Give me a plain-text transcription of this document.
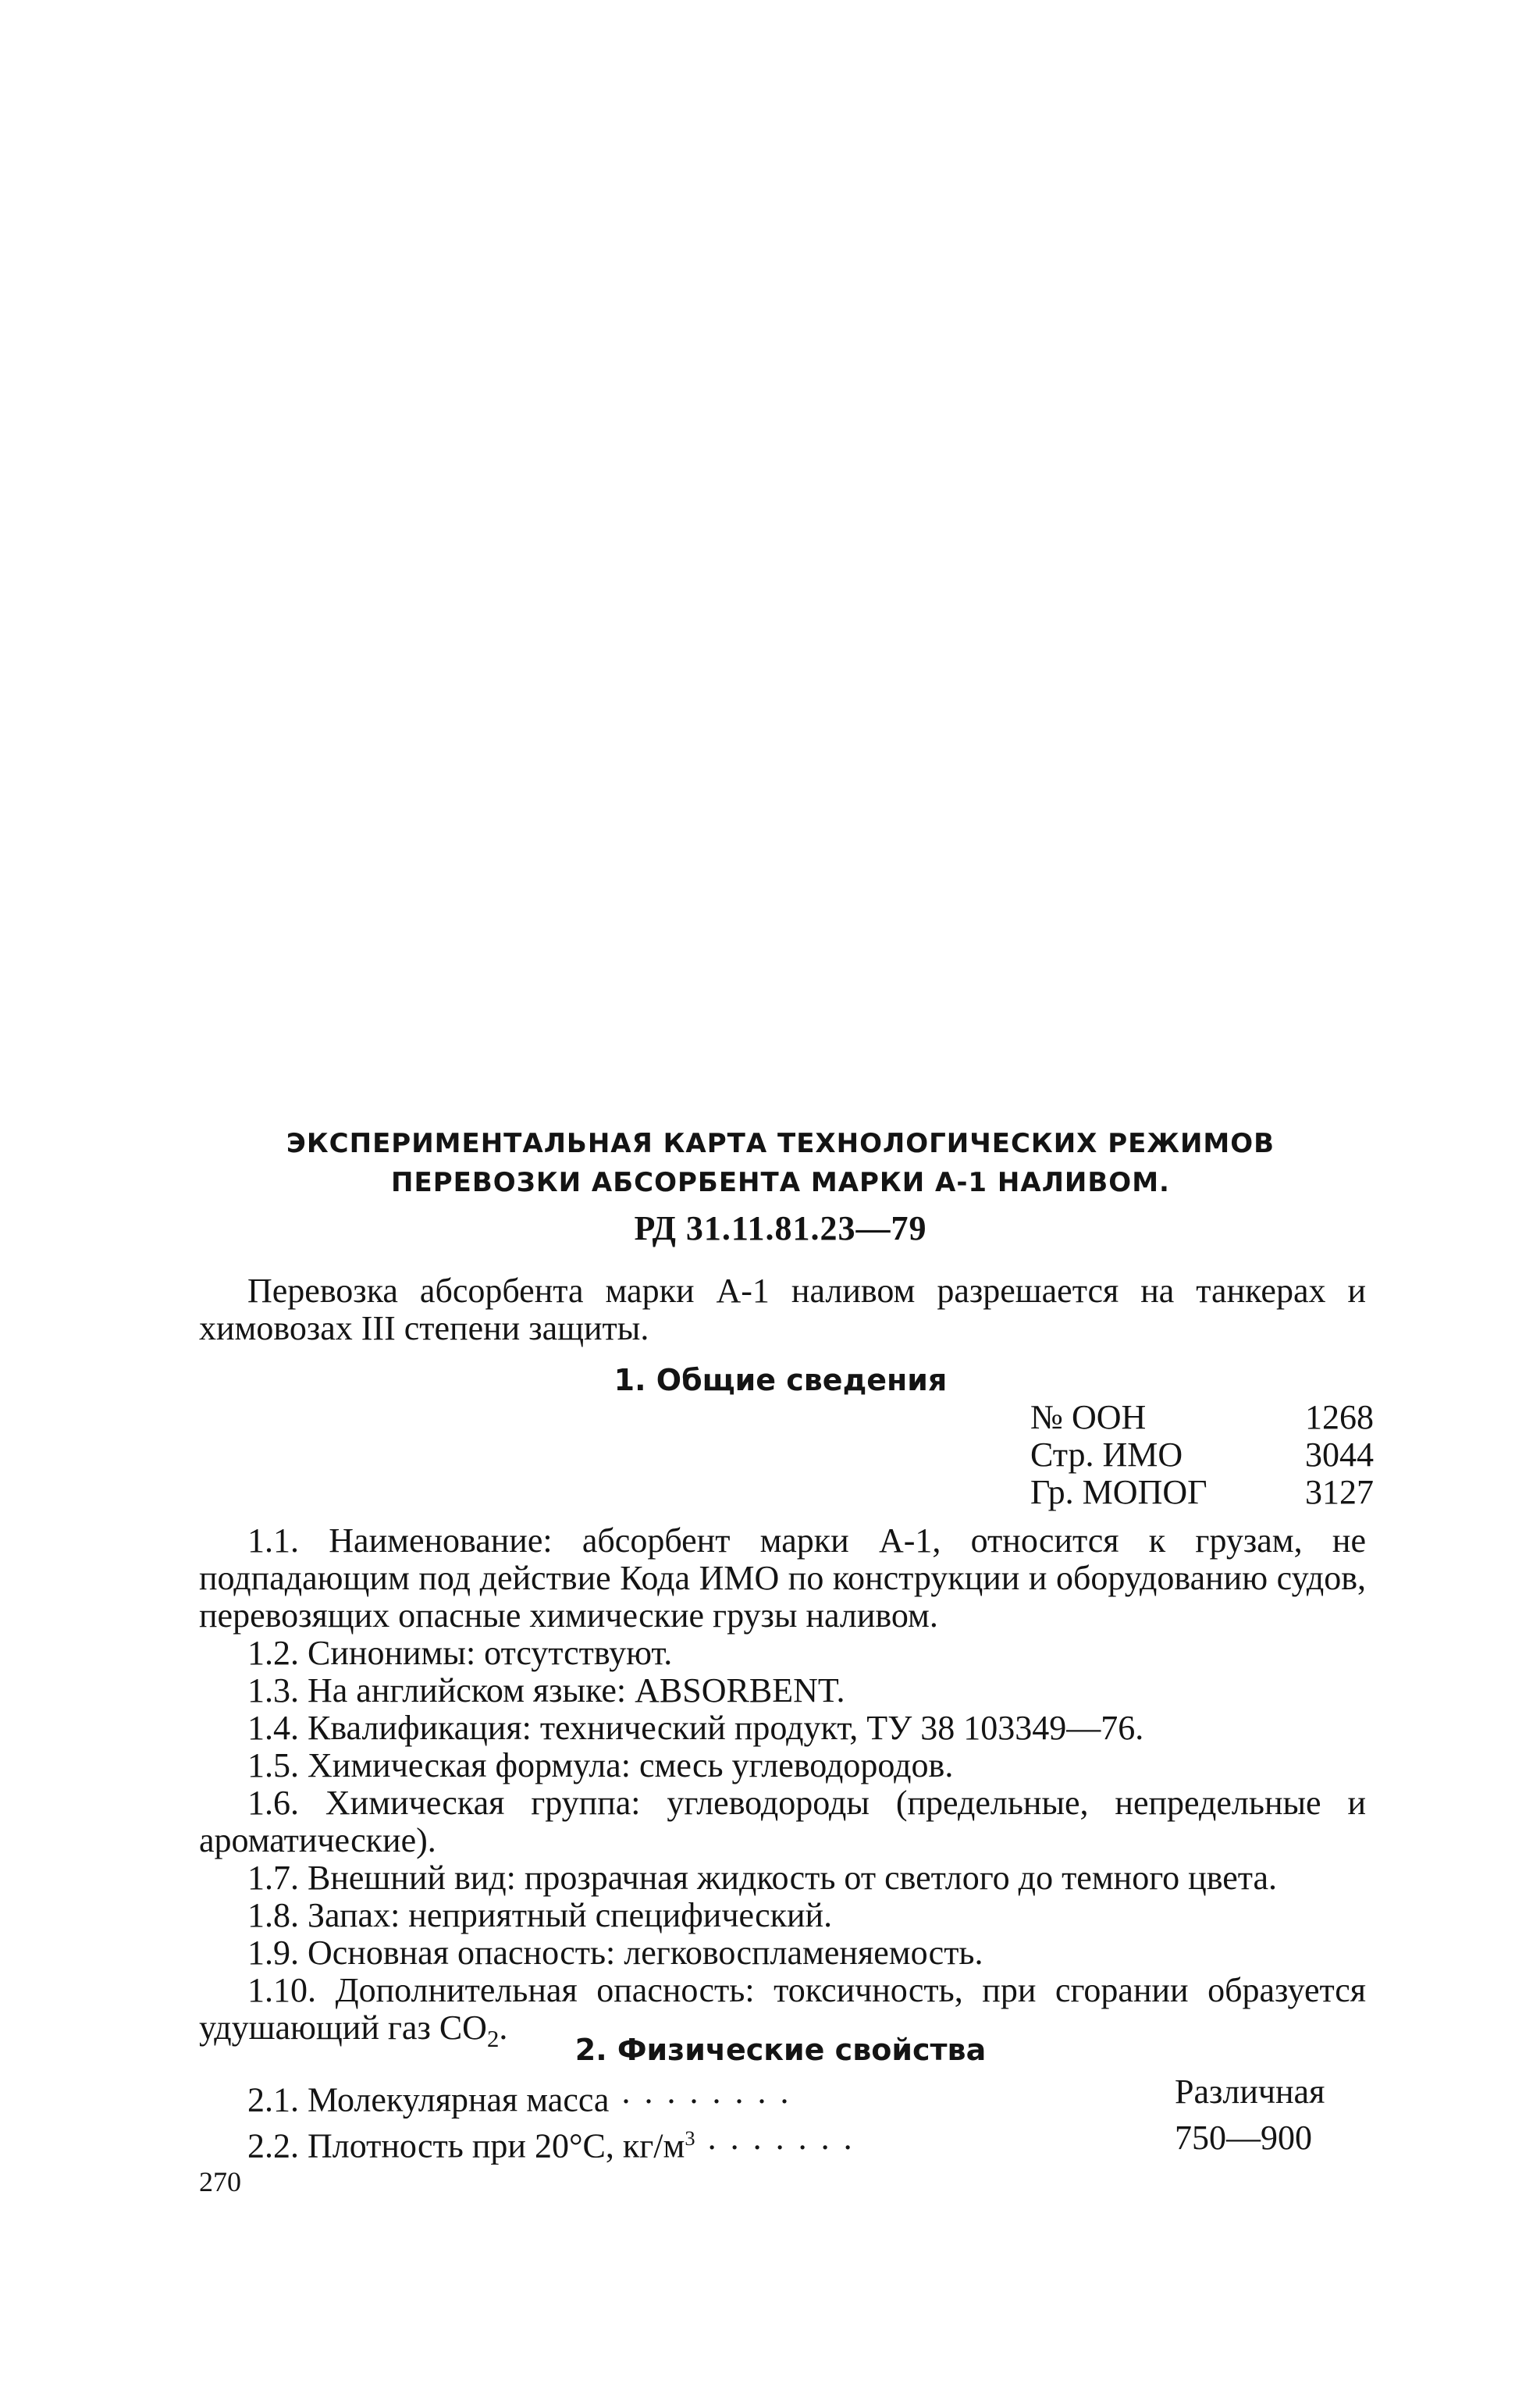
ЭКСПЕРИМЕНТАЛЬНАЯ КАРТА ТЕХНОЛОГИЧЕСКИХ РЕЖИМОВ
ПЕРЕВОЗКИ АБСОРБЕНТА МАРКИ А-1 НАЛИВОМ.
РД 31.11.81.23—79
Перевозка абсорбента марки А-1 наливом разрешается на танкерах и химовозах III степени защиты.
1. Общие сведения
№ ООН	1268
Стр. ИМО	3044
Гр. МОПОГ	3127

1.1. Наименование: абсорбент марки А-1, относится к грузам, не подпадающим под действие Кода ИМО по конструкции и оборудованию судов, перевозящих опасные химические грузы наливом.

1.2. Синонимы: отсутствуют.

1.3. На английском языке: ABSORBENT.

1.4. Квалификация: технический продукт, ТУ 38 103349—76.

1.5. Химическая формула: смесь углеводородов.

1.6. Химическая группа: углеводороды (предельные, непредельные и ароматические).

1.7. Внешний вид: прозрачная жидкость от светлого до темного цвета.

1.8. Запах: неприятный специфический.

1.9. Основная опасность: легковоспламеняемость.

1.10. Дополнительная опасность: токсичность, при сгорании образуется удушающий газ $CO_2$.

2. Физические свойства
2.1. Молекулярная масса ........	Различная
2.2. Плотность при 20°С, $кг/м^3$ .......	750—900
270
